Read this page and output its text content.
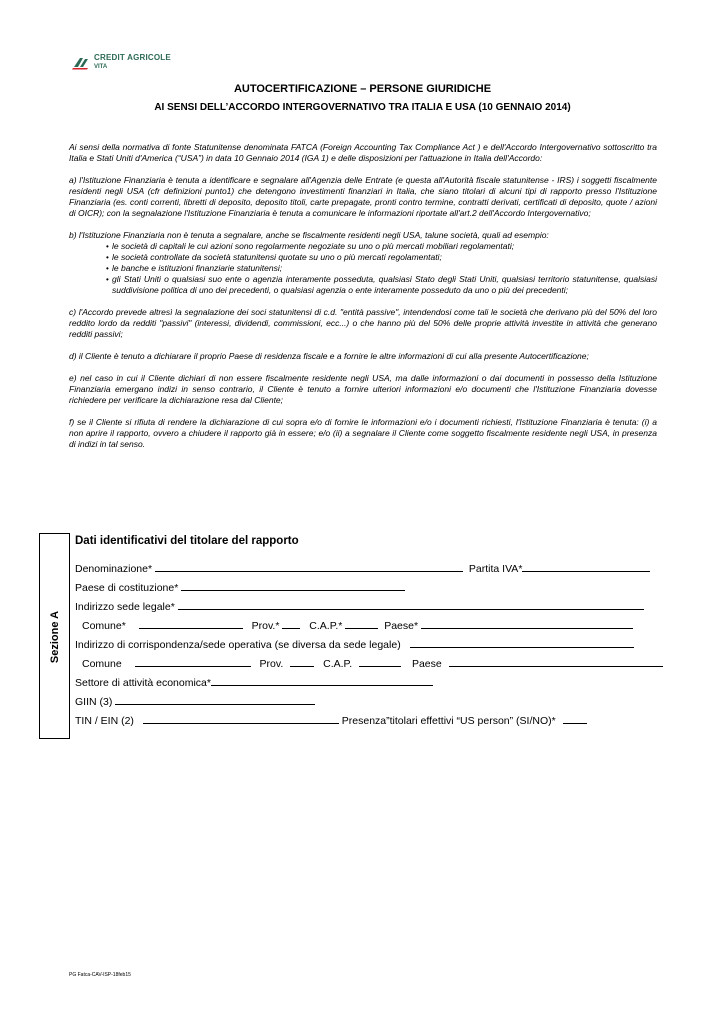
CREDIT AGRICOLE
VITA
AUTOCERTIFICAZIONE – PERSONE GIURIDICHE
AI SENSI DELL’ACCORDO INTERGOVERNATIVO TRA ITALIA E USA (10 GENNAIO 2014)

Ai sensi della normativa di fonte Statunitense denominata FATCA (Foreign Accounting Tax Compliance Act ) e dell'Accordo Intergovernativo sottoscritto tra Italia e Stati Uniti d'America (“USA”) in data 10 Gennaio 2014 (IGA 1) e delle disposizioni per l'attuazione in Italia dell'Accordo:

a) l'Istituzione Finanziaria è tenuta a identificare e segnalare all'Agenzia delle Entrate (e questa all'Autorità fiscale statunitense - IRS) i soggetti fiscalmente residenti negli USA (cfr definizioni punto1) che detengono investimenti finanziari in Italia, che siano titolari di alcuni tipi di rapporto presso l'Istituzione Finanziaria (es. conti correnti, libretti di deposito, deposito titoli, carte prepagate, pronti contro termine, contratti derivati, certificati di deposito, quote / azioni di OICR); con la segnalazione l'Istituzione Finanziaria è tenuta a comunicare le informazioni riportate all'art.2 dell'Accordo Intergovernativo;

b) l'Istituzione Finanziaria non è tenuta a segnalare, anche se fiscalmente residenti negli USA, talune società, quali ad esempio:

• le società di capitali le cui azioni sono regolarmente negoziate su uno o più mercati mobiliari regolamentati;
• le società controllate da società statunitensi quotate su uno o più mercati regolamentati;
• le banche e istituzioni finanziarie statunitensi;
• gli Stati Uniti o qualsiasi suo ente o agenzia interamente posseduta, qualsiasi Stato degli Stati Uniti, qualsiasi territorio statunitense, qualsiasi suddivisione politica di uno dei precedenti, o qualsiasi agenzia o ente interamente posseduto da uno o più dei precedenti;

c) l'Accordo prevede altresì la segnalazione dei soci statunitensi di c.d. "entità passive", intendendosi come tali le società che derivano più del 50% del loro reddito lordo da redditi "passivi" (interessi, dividendi, commissioni, ecc...) o che hanno più del 50% delle proprie attività investite in attività che generano redditi passivi;

d) il Cliente è tenuto a dichiarare il proprio Paese di residenza fiscale e a fornire le altre informazioni di cui alla presente Autocertificazione;

e) nel caso in cui il Cliente dichiari di non essere fiscalmente residente negli USA, ma dalle informazioni o dai documenti in possesso della Istituzione Finanziaria emergano indizi in senso contrario, il Cliente è tenuto a fornire ulteriori informazioni e/o documenti che l'Istituzione Finanziaria dovesse richiedere per verificare la dichiarazione resa dal Cliente;

f) se il Cliente si rifiuta di rendere la dichiarazione di cui sopra e/o di fornire le informazioni e/o i documenti richiesti, l'Istituzione Finanziaria è tenuta: (i) a non aprire il rapporto, ovvero a chiudere il rapporto già in essere; e/o (ii) a segnalare il Cliente come soggetto fiscalmente residente negli USA, in presenza di indizi in tal senso.

Sezione A
Dati identificativi del titolare del rapporto
Denominazione*	Partita IVA*
Paese di costituzione*
Indirizzo sede legale*
Comune*	Prov.*	C.A.P.*	Paese*
Indirizzo di corrispondenza/sede operativa (se diversa da sede legale)
Comune	Prov.	C.A.P.	Paese
Settore di attività economica*
GIIN (3)
TIN / EIN (2)	Presenza”titolari effettivi “US person” (SI/NO)*
PG Fatca-CAV-ISP-18feb15
